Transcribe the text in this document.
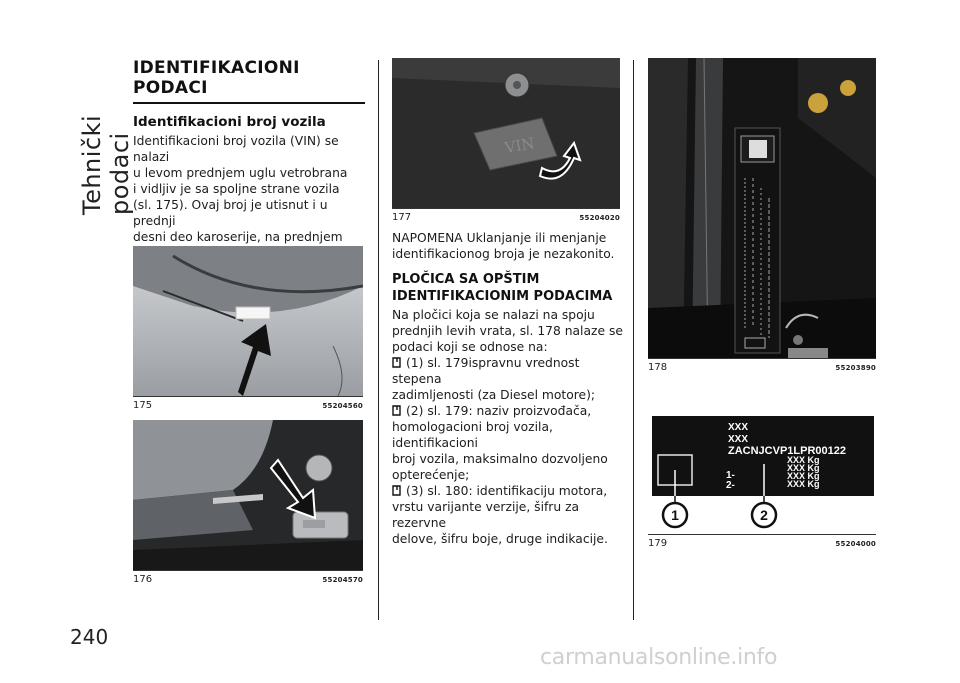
Tehnički podaci
IDENTIFIKACIONI PODACI
Identifikacioni broj vozila

Identifikacioni broj vozila (VIN) se nalazi

u levom prednjem uglu vetrobrana

i vidljiv je sa spoljne strane vozila

(sl. 175). Ovaj broj je utisnut i u prednji

desni deo karoserije, na prednjem

175	55204560
176	55204570
VIN
177	55204020

NAPOMENA Uklanjanje ili menjanje

identifikacionog broja je nezakonito.

PLOČICA SA OPŠTIM

IDENTIFIKACIONIM PODACIMA

Na pločici koja se nalazi na spoju

prednjih levih vrata, sl. 178 nalaze se

podaci koji se odnose na:

(1) sl. 179ispravnu vrednost stepena

zadimljenosti (za Diesel motore);

(2) sl. 179: naziv proizvođača,

homologacioni broj vozila, identifikacioni

broj vozila, maksimalno dozvoljeno

opterećenje;

(3) sl. 180: identifikaciju motora,

vrstu varijante verzije, šifru za rezervne

delove, šifru boje, druge indikacije.

178	55203890
XXX
XXX
ZACNJCVP1LPR00122
XXX Kg
XXX Kg
XXX Kg
XXX Kg
1-
2-
1	2
179	55204000
240
carmanualsonline.info
